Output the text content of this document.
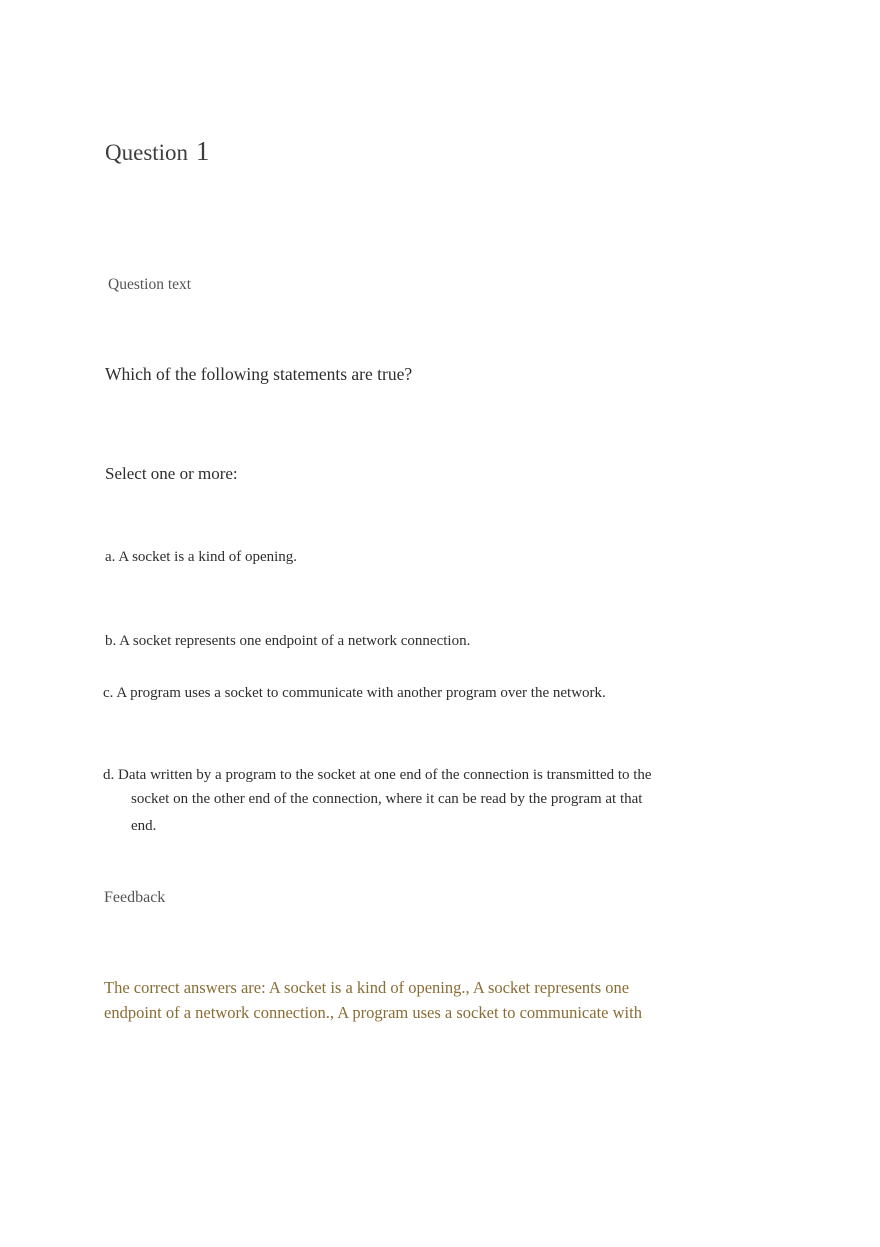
Question 1
Question text
Which of the following statements are true?
Select one or more:
a. A socket is a kind of opening.
b. A socket represents one endpoint of a network connection.
c. A program uses a socket to communicate with another program over the network.
d. Data written by a program to the socket at one end of the connection is transmitted to the
socket on the other end of the connection, where it can be read by the program at that
end.
Feedback
The correct answers are: A socket is a kind of opening., A socket represents one
endpoint of a network connection., A program uses a socket to communicate with
